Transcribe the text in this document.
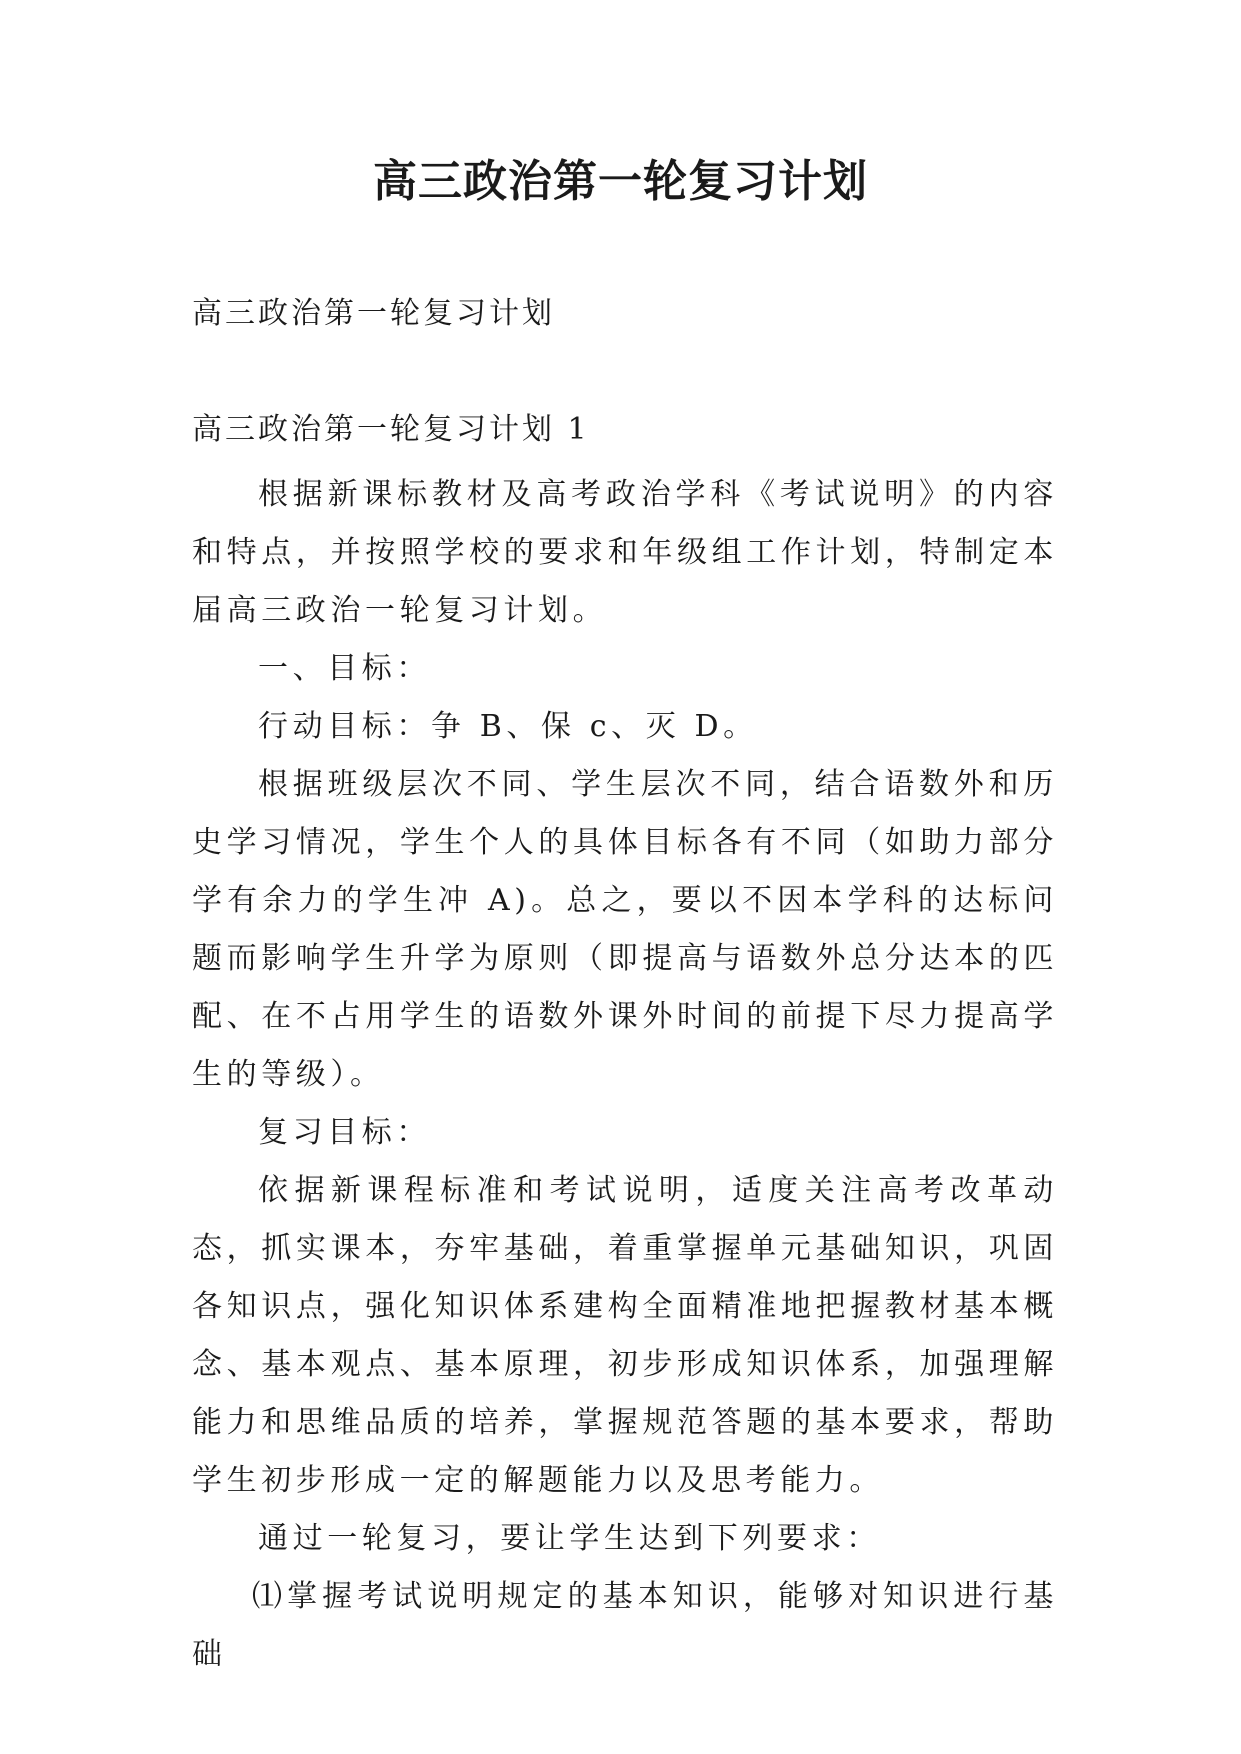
高三政治第一轮复习计划

高三政治第一轮复习计划

高三政治第一轮复习计划 1

根据新课标教材及高考政治学科《考试说明》的内容和特点，并按照学校的要求和年级组工作计划，特制定本届高三政治一轮复习计划。

一、目标：

行动目标：争 B、保 c、灭 D。

根据班级层次不同、学生层次不同，结合语数外和历史学习情况，学生个人的具体目标各有不同（如助力部分学有余力的学生冲 A)。总之，要以不因本学科的达标问题而影响学生升学为原则（即提高与语数外总分达本的匹配、在不占用学生的语数外课外时间的前提下尽力提高学生的等级）。

复习目标：

依据新课程标准和考试说明，适度关注高考改革动态，抓实课本，夯牢基础，着重掌握单元基础知识，巩固各知识点，强化知识体系建构全面精准地把握教材基本概念、基本观点、基本原理，初步形成知识体系，加强理解能力和思维品质的培养，掌握规范答题的基本要求，帮助学生初步形成一定的解题能力以及思考能力。

通过一轮复习，要让学生达到下列要求：

⑴掌握考试说明规定的基本知识，能够对知识进行基础
